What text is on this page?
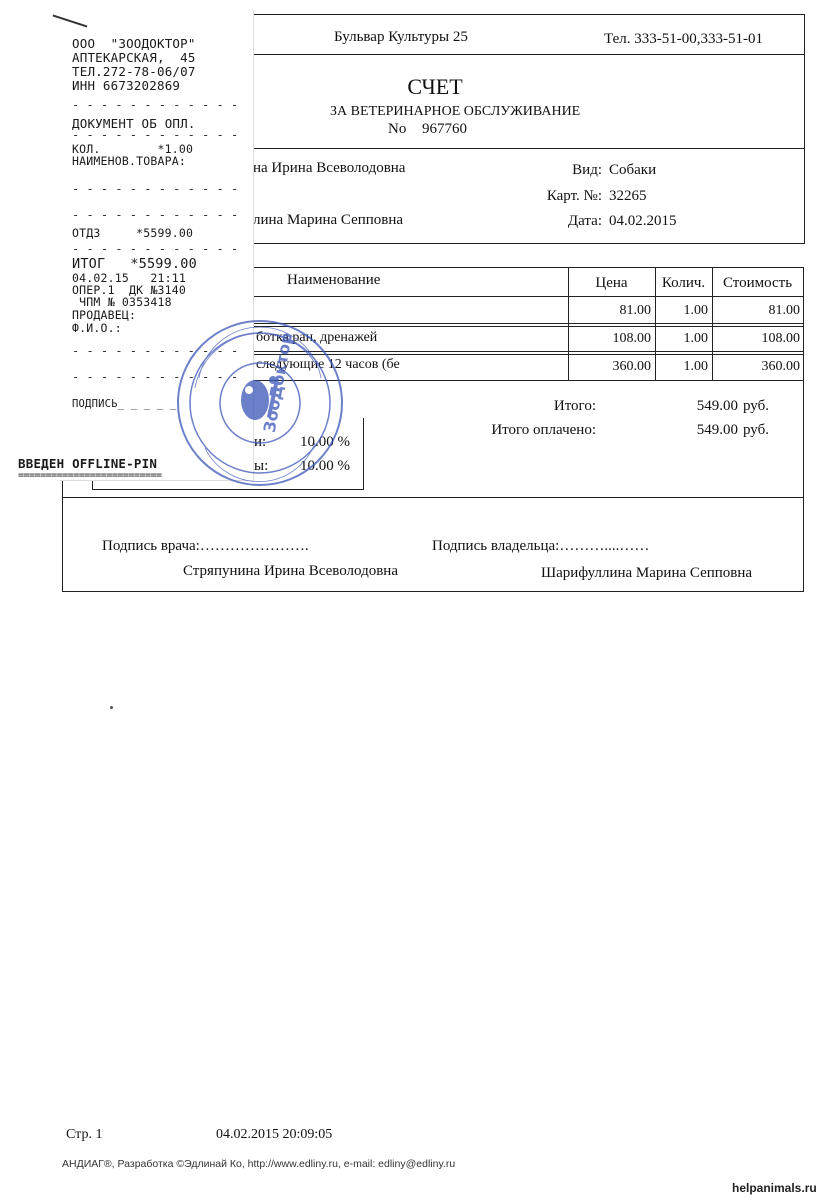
Бульвар Культуры 25	Тел. 333-51-00,333-51-01
СЧЕТ
ЗА ВЕТЕРИНАРНОЕ ОБСЛУЖИВАНИЕ
No 967760
на Ирина Всеволодовна
лина Марина Сепповна
Вид: Собаки
Карт. №: 32265
Дата: 04.02.2015
Наименование	Цена	Колич.	Стоимость
81.00	1.00	81.00
ботка ран, дренажей	108.00	1.00	108.00
следующие 12 часов (бе	360.00	1.00	360.00
Итого:	549.00 руб.
Итого оплачено:	549.00 руб.
и: 10.00 %
ы: 10.00 %
Подпись врача:………………….	Подпись владельца:………....……
Стряпунина Ирина Всеволодовна	Шарифуллина Марина Сепповна
ООО  "ЗООДОКТОР"
АПТЕКАРСКАЯ,  45
ТЕЛ.272-78-06/07
ИНН 6673202869
- - - - - - - - - - - -
ДОКУМЕНТ ОБ ОПЛ.
- - - - - - - - - - - -
КОЛ.        *1.00
НАИМЕНОВ.ТОВАРА:
- - - - - - - - - - - -
- - - - - - - - - - - -
ОТДЗ     *5599.00
- - - - - - - - - - - -
ИТОГ   *5599.00
04.02.15   21:11
ОПЕР.1  ДК №3140
ЧПМ № 0353418
ПРОДАВЕЦ:
Ф.И.О.:
- - - - - - - - - - - -
- - - - - - - - - - - -
ПОДПИСЬ_ _ _ _ _
ВВЕДЕН OFFLINE-PIN
==========================
ЗооДоктор
Стр. 1	04.02.2015 20:09:05
АНДИАГ®, Разработка ©Эдлинай Ко, http://www.edliny.ru, e-mail: edliny@edliny.ru
helpanimals.ru
